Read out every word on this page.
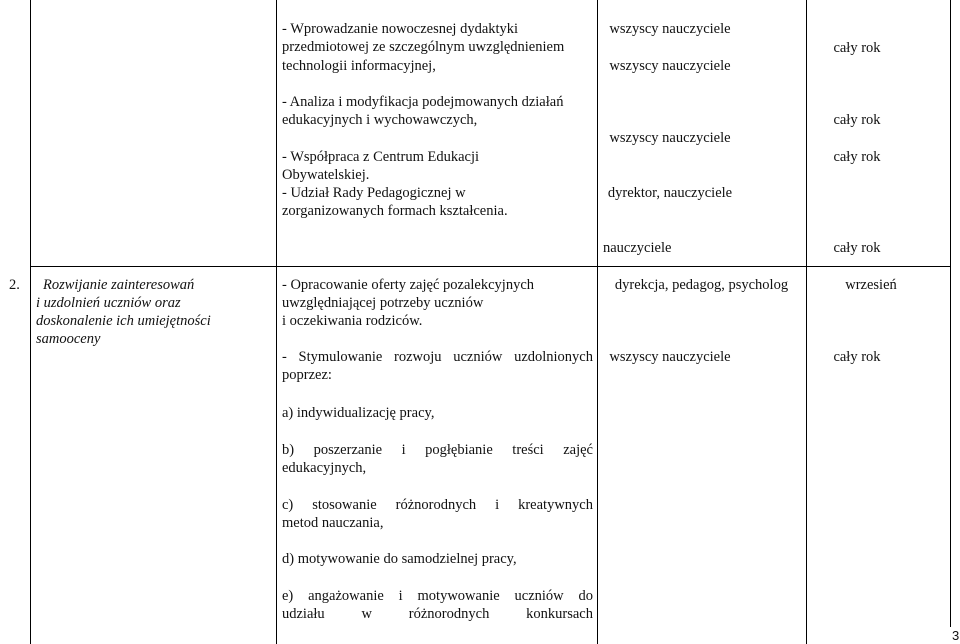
- Wprowadzanie nowoczesnej dydaktyki
przedmiotowej ze szczególnym uwzględnieniem
technologii informacyjnej,
- Analiza i modyfikacja podejmowanych działań
edukacyjnych i wychowawczych,
- Współpraca z Centrum Edukacji
Obywatelskiej.
- Udział Rady Pedagogicznej w
zorganizowanych formach kształcenia.
wszyscy nauczyciele
wszyscy nauczyciele
wszyscy nauczyciele
dyrektor, nauczyciele
nauczyciele
cały rok
cały rok
cały rok
cały rok
2. Rozwijanie zainteresowań
i uzdolnień uczniów oraz
doskonalenie ich umiejętności
samooceny
- Opracowanie oferty zajęć pozalekcyjnych
uwzględniającej potrzeby uczniów
i oczekiwania rodziców.
- Stymulowanie rozwoju uczniów uzdolnionych
poprzez:
a) indywidualizację pracy,
b) poszerzanie i pogłębianie treści zajęć
edukacyjnych,
c) stosowanie różnorodnych i kreatywnych
metod nauczania,
d) motywowanie do samodzielnej pracy,
e) angażowanie i motywowanie uczniów do
udziału w różnorodnych konkursach
dyrekcja, pedagog, psycholog
wszyscy nauczyciele
wrzesień
cały rok
3
